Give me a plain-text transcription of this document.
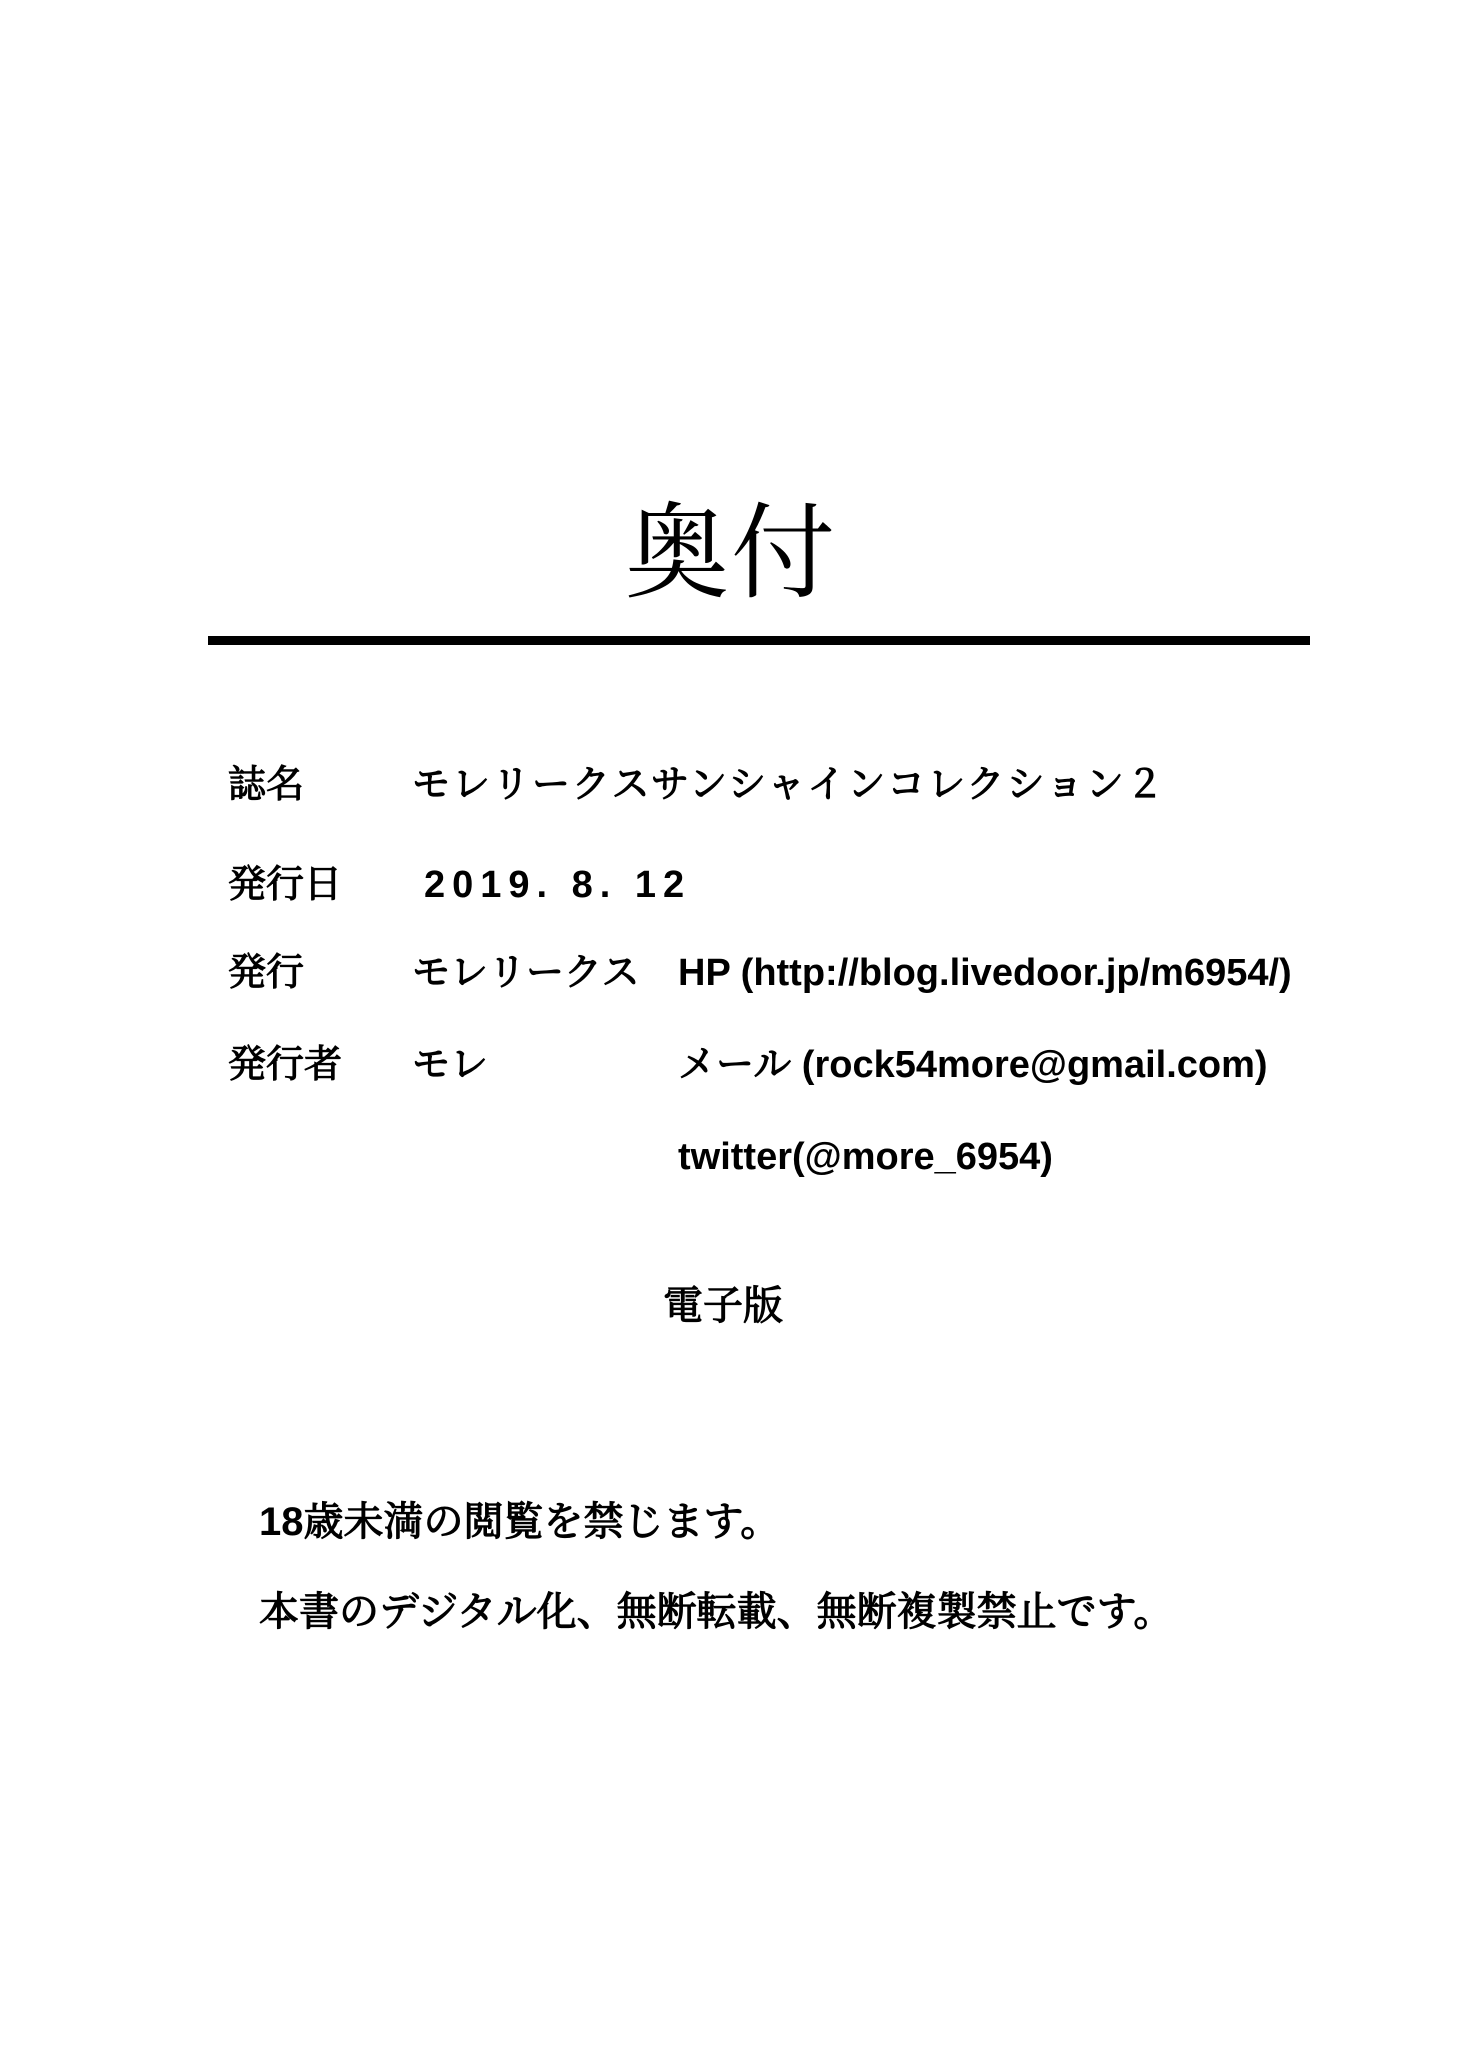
奥付
誌名	モレリークスサンシャインコレクション２
発行日 2019. 8. 12
発行	モレリークス HP (http://blog.livedoor.jp/m6954/)
発行者 モレ	メール (rock54more@gmail.com)
twitter(@more_6954)
電子版
18歳未満の閲覧を禁じます。
本書のデジタル化、無断転載、無断複製禁止です。
